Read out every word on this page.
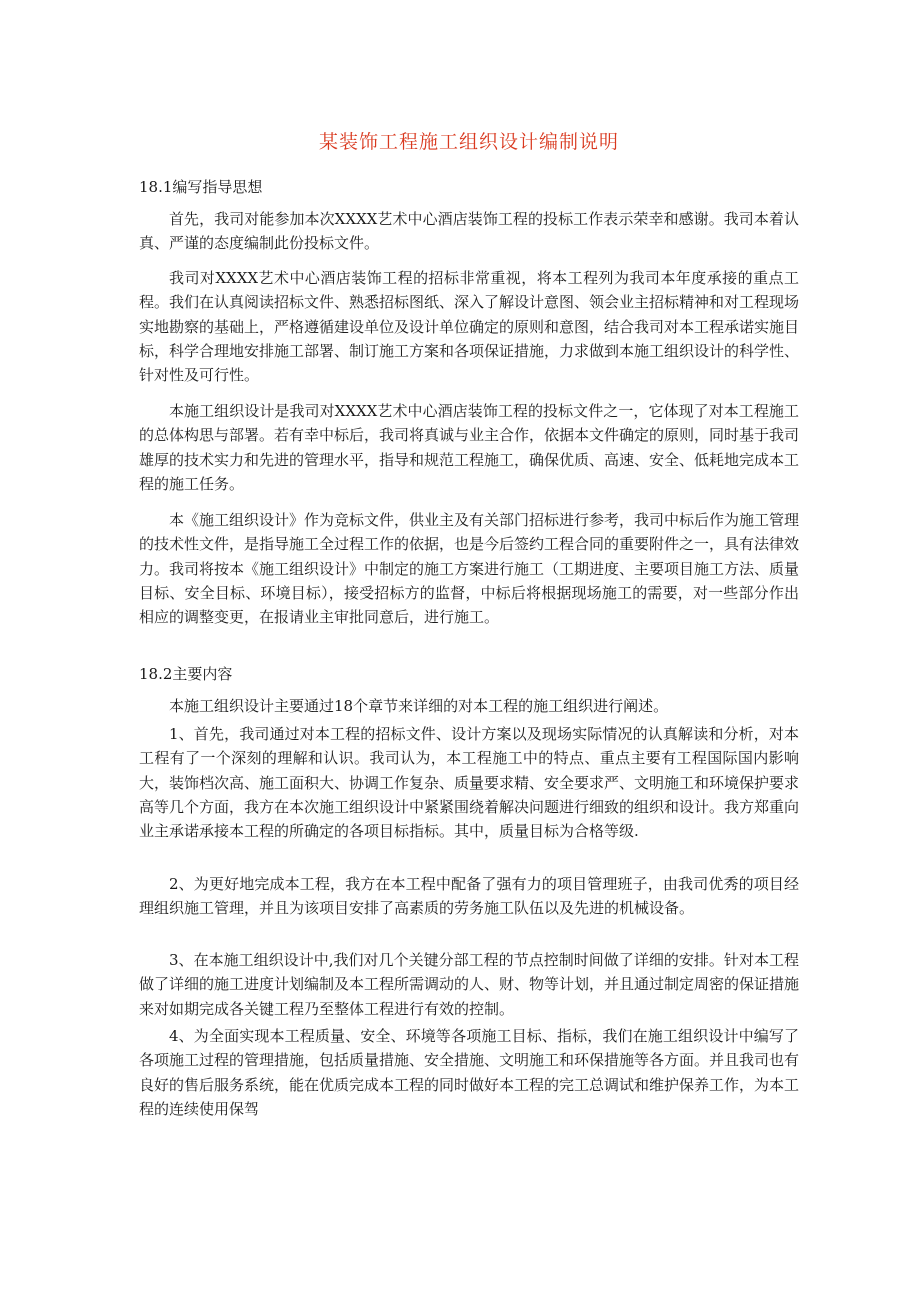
某装饰工程施工组织设计编制说明
18.1编写指导思想

首先，我司对能参加本次XXXX艺术中心酒店装饰工程的投标工作表示荣幸和感谢。我司本着认真、严谨的态度编制此份投标文件。

我司对XXXX艺术中心酒店装饰工程的招标非常重视，将本工程列为我司本年度承接的重点工程。我们在认真阅读招标文件、熟悉招标图纸、深入了解设计意图、领会业主招标精神和对工程现场实地勘察的基础上，严格遵循建设单位及设计单位确定的原则和意图，结合我司对本工程承诺实施目标，科学合理地安排施工部署、制订施工方案和各项保证措施，力求做到本施工组织设计的科学性、针对性及可行性。

本施工组织设计是我司对XXXX艺术中心酒店装饰工程的投标文件之一，它体现了对本工程施工的总体构思与部署。若有幸中标后，我司将真诚与业主合作，依据本文件确定的原则，同时基于我司雄厚的技术实力和先进的管理水平，指导和规范工程施工，确保优质、高速、安全、低耗地完成本工程的施工任务。

本《施工组织设计》作为竞标文件，供业主及有关部门招标进行参考，我司中标后作为施工管理的技术性文件，是指导施工全过程工作的依据，也是今后签约工程合同的重要附件之一，具有法律效力。我司将按本《施工组织设计》中制定的施工方案进行施工（工期进度、主要项目施工方法、质量目标、安全目标、环境目标），接受招标方的监督，中标后将根据现场施工的需要，对一些部分作出相应的调整变更，在报请业主审批同意后，进行施工。

18.2主要内容

本施工组织设计主要通过18个章节来详细的对本工程的施工组织进行阐述。

1、首先，我司通过对本工程的招标文件、设计方案以及现场实际情况的认真解读和分析，对本工程有了一个深刻的理解和认识。我司认为，本工程施工中的特点、重点主要有工程国际国内影响大，装饰档次高、施工面积大、协调工作复杂、质量要求精、安全要求严、文明施工和环境保护要求高等几个方面，我方在本次施工组织设计中紧紧围绕着解决问题进行细致的组织和设计。我方郑重向业主承诺承接本工程的所确定的各项目标指标。其中，质量目标为合格等级.

2、为更好地完成本工程，我方在本工程中配备了强有力的项目管理班子，由我司优秀的项目经理组织施工管理，并且为该项目安排了高素质的劳务施工队伍以及先进的机械设备。

3、在本施工组织设计中,我们对几个关键分部工程的节点控制时间做了详细的安排。针对本工程做了详细的施工进度计划编制及本工程所需调动的人、财、物等计划，并且通过制定周密的保证措施来对如期完成各关键工程乃至整体工程进行有效的控制。

4、为全面实现本工程质量、安全、环境等各项施工目标、指标，我们在施工组织设计中编写了各项施工过程的管理措施，包括质量措施、安全措施、文明施工和环保措施等各方面。并且我司也有良好的售后服务系统，能在优质完成本工程的同时做好本工程的完工总调试和维护保养工作，为本工程的连续使用保驾
